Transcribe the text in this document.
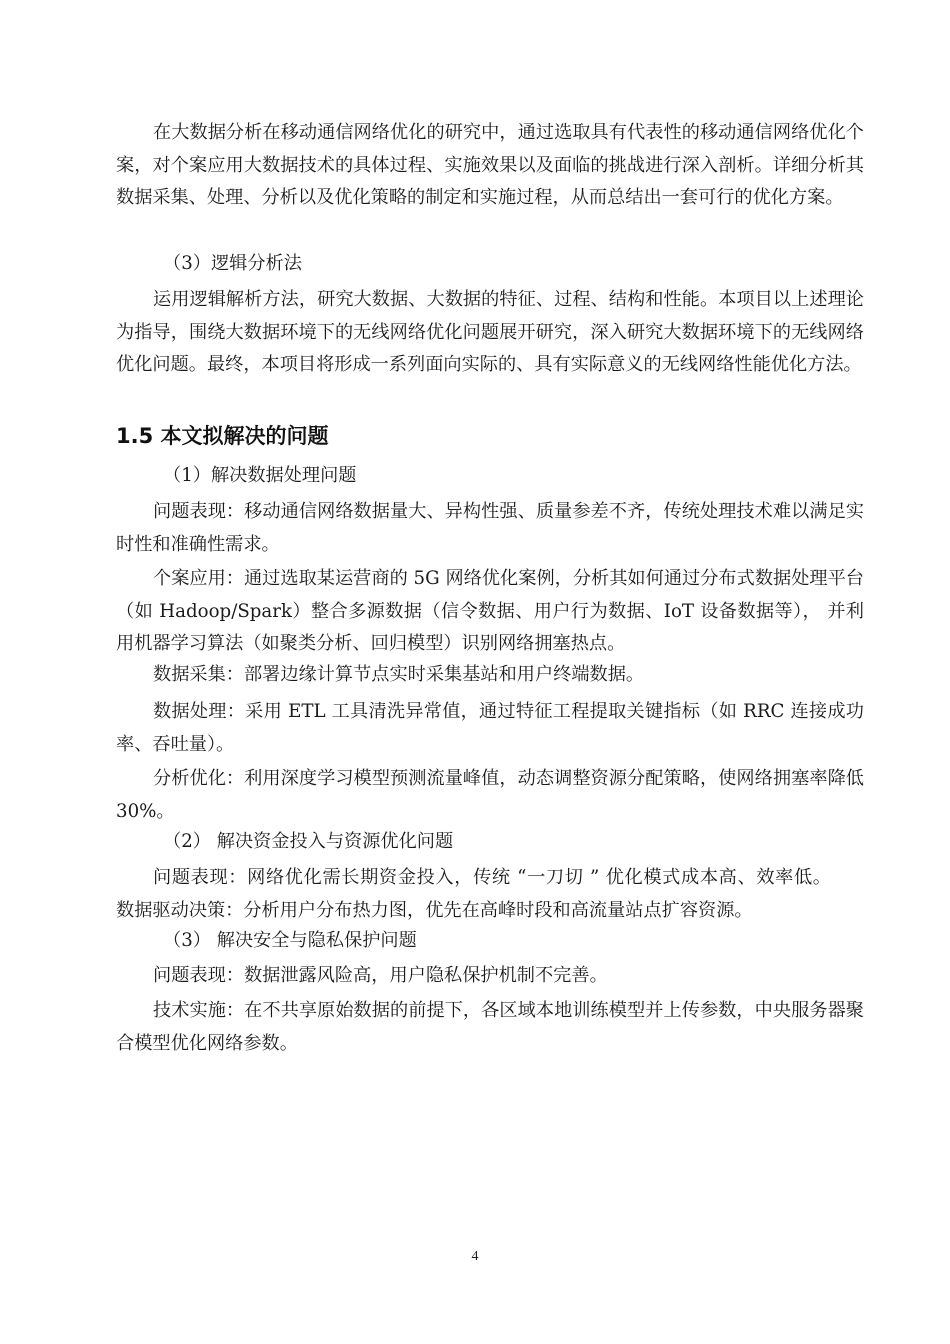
在大数据分析在移动通信网络优化的研究中，通过选取具有代表性的移动通信网络优化个案，对个案应用大数据技术的具体过程、实施效果以及面临的挑战进行深入剖析。详细分析其数据采集、处理、分析以及优化策略的制定和实施过程，从而总结出一套可行的优化方案。

（3）逻辑分析法

运用逻辑解析方法，研究大数据、大数据的特征、过程、结构和性能。本项目以上述理论为指导，围绕大数据环境下的无线网络优化问题展开研究，深入研究大数据环境下的无线网络优化问题。最终，本项目将形成一系列面向实际的、具有实际意义的无线网络性能优化方法。

1.5 本文拟解决的问题

（1）解决数据处理问题

问题表现：移动通信网络数据量大、异构性强、质量参差不齐，传统处理技术难以满足实时性和准确性需求。

个案应用：通过选取某运营商的 5G 网络优化案例，分析其如何通过分布式数据处理平台（如 Hadoop/Spark）整合多源数据（信令数据、用户行为数据、IoT 设备数据等）， 并利用机器学习算法（如聚类分析、回归模型）识别网络拥塞热点。

数据采集：部署边缘计算节点实时采集基站和用户终端数据。

数据处理：采用 ETL 工具清洗异常值，通过特征工程提取关键指标（如 RRC 连接成功率、吞吐量）。

分析优化：利用深度学习模型预测流量峰值，动态调整资源分配策略，使网络拥塞率降低 30%。

（2） 解决资金投入与资源优化问题

问题表现：网络优化需长期资金投入，传统 “一刀切 ” 优化模式成本高、效率低。 数据驱动决策：分析用户分布热力图，优先在高峰时段和高流量站点扩容资源。

（3） 解决安全与隐私保护问题

问题表现：数据泄露风险高，用户隐私保护机制不完善。

技术实施：在不共享原始数据的前提下，各区域本地训练模型并上传参数，中央服务器聚合模型优化网络参数。

4
